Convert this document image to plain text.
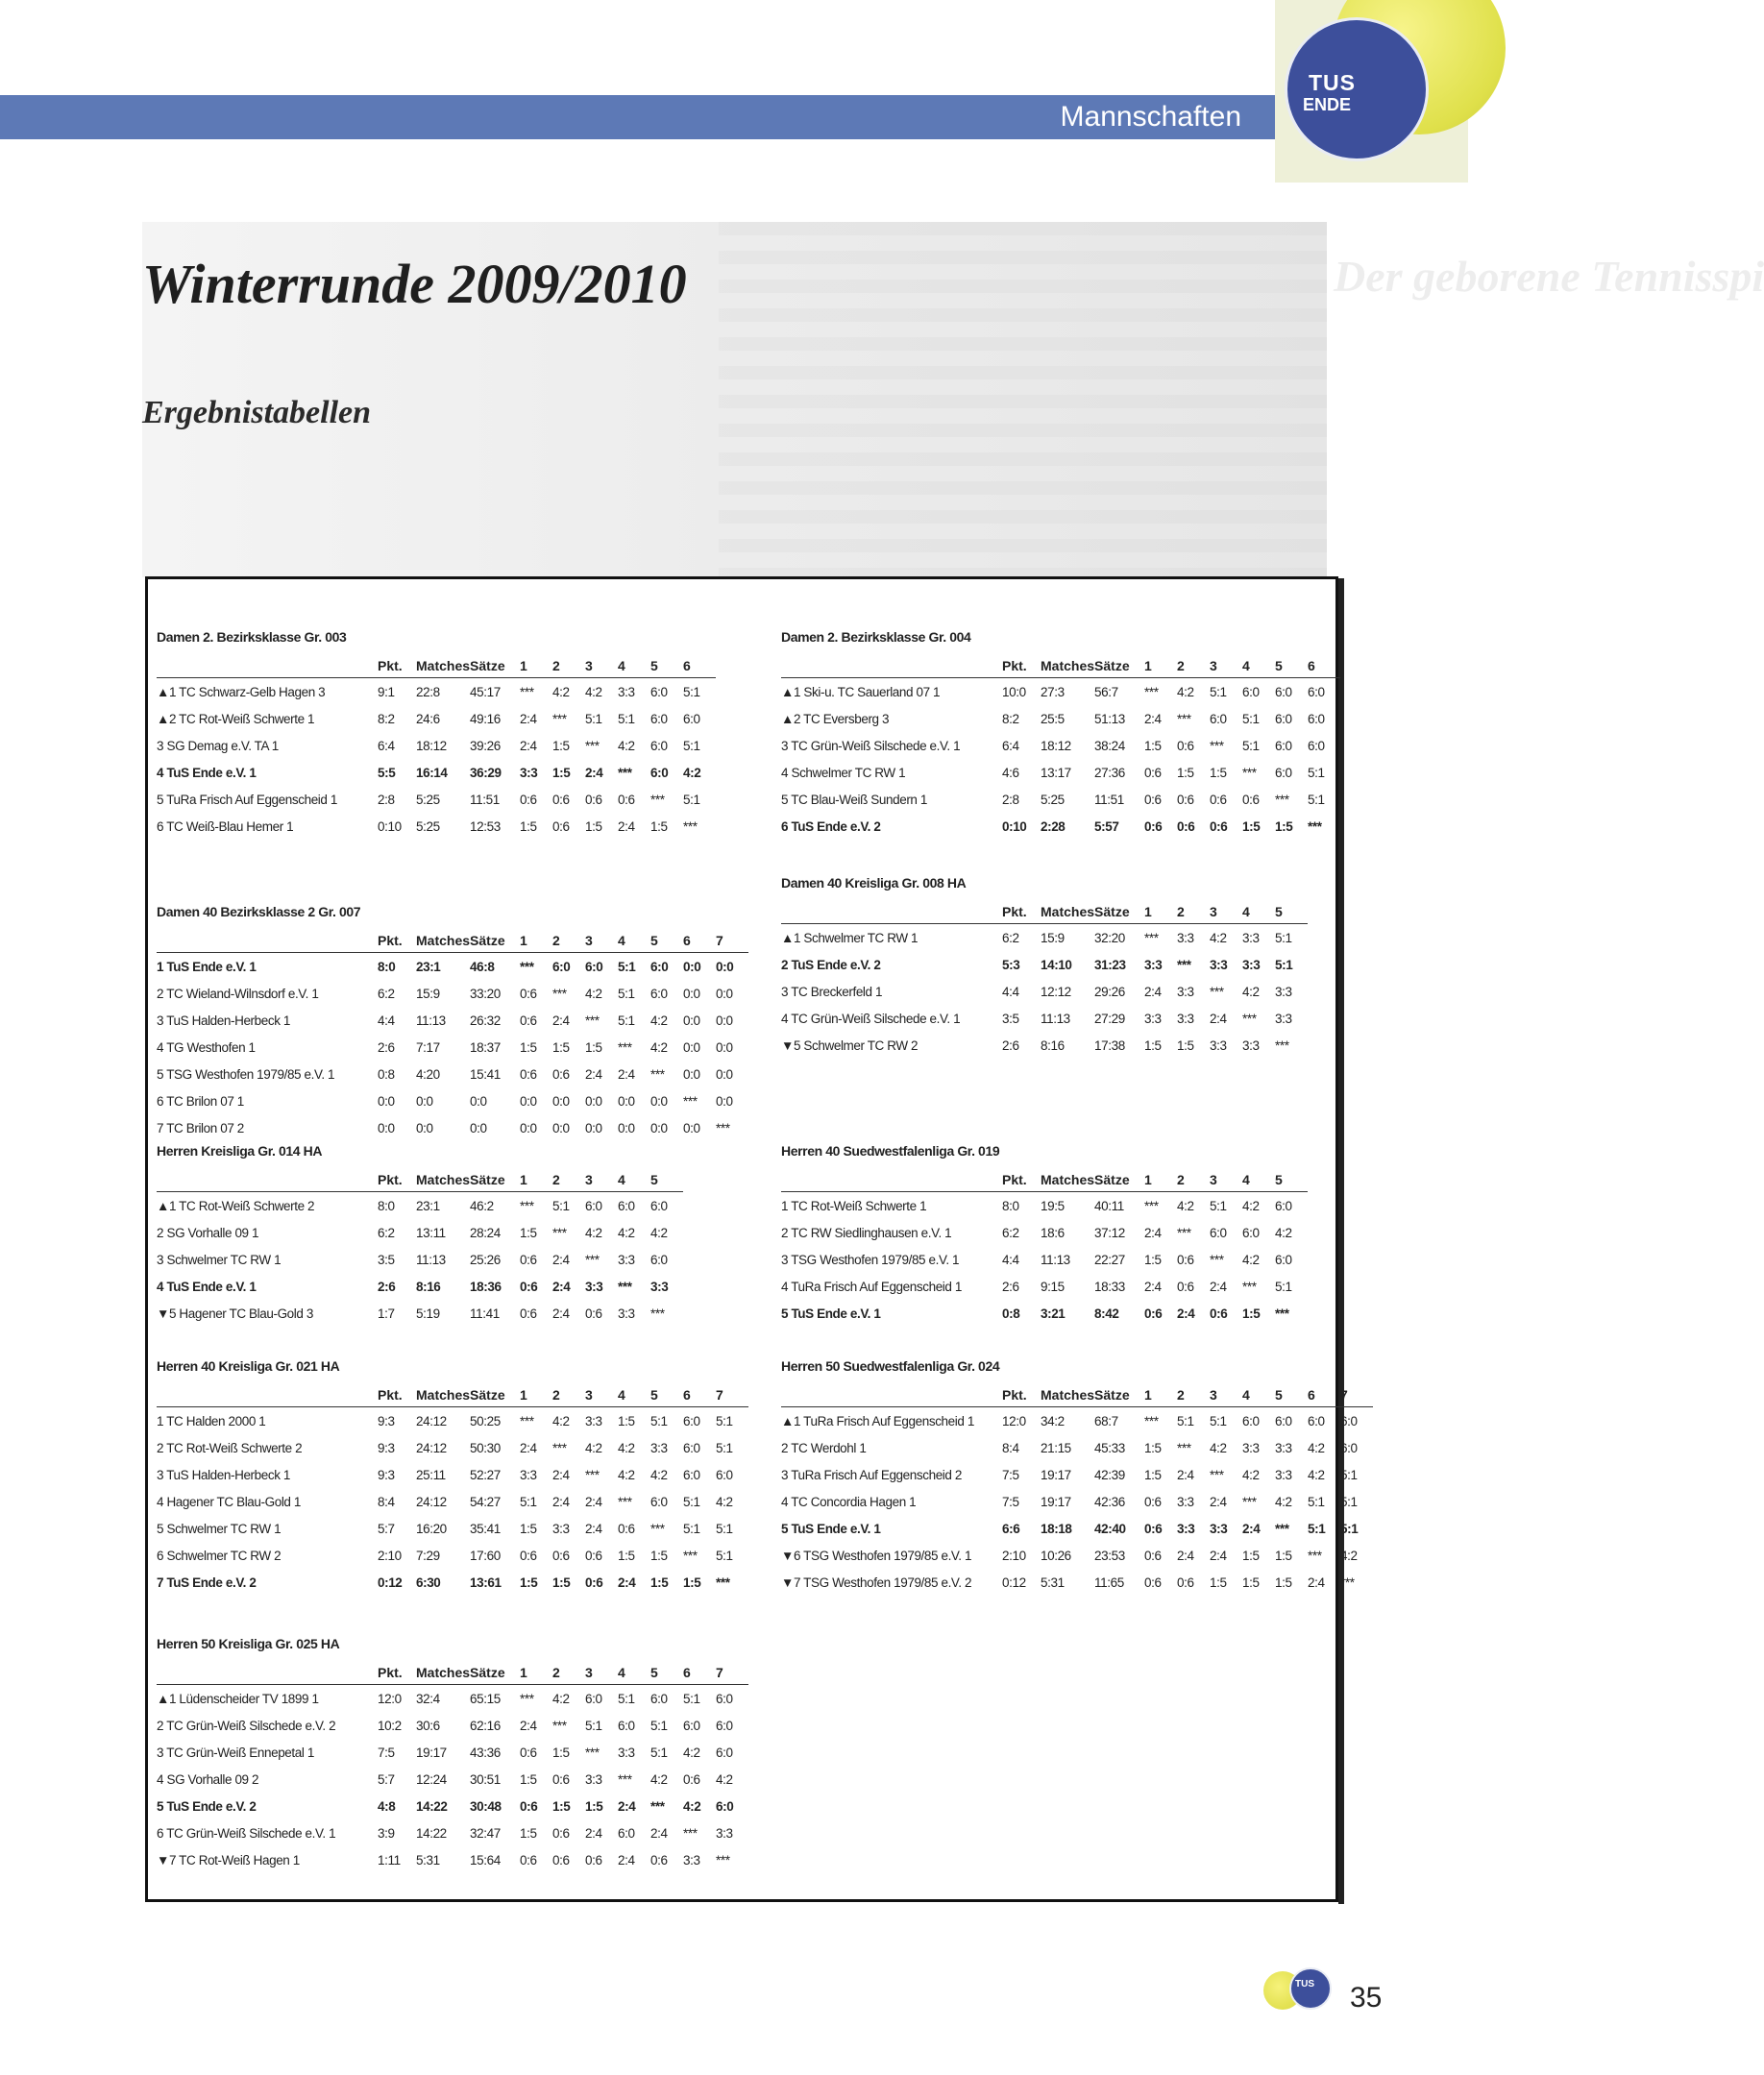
Mannschaften
TUS
ENDE
Der geborene Tennisspi
Winterrunde 2009/2010
Ergebnistabellen
Damen 2. Bezirksklasse Gr. 003
	Pkt.	Matches	Sätze	1	2	3	4	5	6
▲1 TC Schwarz-Gelb Hagen 3	9:1	22:8	45:17	***	4:2	4:2	3:3	6:0	5:1
▲2 TC Rot-Weiß Schwerte 1	8:2	24:6	49:16	2:4	***	5:1	5:1	6:0	6:0
3 SG Demag e.V. TA 1	6:4	18:12	39:26	2:4	1:5	***	4:2	6:0	5:1
4 TuS Ende e.V. 1	5:5	16:14	36:29	3:3	1:5	2:4	***	6:0	4:2
5 TuRa Frisch Auf Eggenscheid 1	2:8	5:25	11:51	0:6	0:6	0:6	0:6	***	5:1
6 TC Weiß-Blau Hemer 1	0:10	5:25	12:53	1:5	0:6	1:5	2:4	1:5	***
Damen 2. Bezirksklasse Gr. 004
	Pkt.	Matches	Sätze	1	2	3	4	5	6
▲1 Ski-u. TC Sauerland 07 1	10:0	27:3	56:7	***	4:2	5:1	6:0	6:0	6:0
▲2 TC Eversberg 3	8:2	25:5	51:13	2:4	***	6:0	5:1	6:0	6:0
3 TC Grün-Weiß Silschede e.V. 1	6:4	18:12	38:24	1:5	0:6	***	5:1	6:0	6:0
4 Schwelmer TC RW 1	4:6	13:17	27:36	0:6	1:5	1:5	***	6:0	5:1
5 TC Blau-Weiß Sundern 1	2:8	5:25	11:51	0:6	0:6	0:6	0:6	***	5:1
6 TuS Ende e.V. 2	0:10	2:28	5:57	0:6	0:6	0:6	1:5	1:5	***
Damen 40 Bezirksklasse 2 Gr. 007
	Pkt.	Matches	Sätze	1	2	3	4	5	6	7
1 TuS Ende e.V. 1	8:0	23:1	46:8	***	6:0	6:0	5:1	6:0	0:0	0:0
2 TC Wieland-Wilnsdorf e.V. 1	6:2	15:9	33:20	0:6	***	4:2	5:1	6:0	0:0	0:0
3 TuS Halden-Herbeck 1	4:4	11:13	26:32	0:6	2:4	***	5:1	4:2	0:0	0:0
4 TG Westhofen 1	2:6	7:17	18:37	1:5	1:5	1:5	***	4:2	0:0	0:0
5 TSG Westhofen 1979/85 e.V. 1	0:8	4:20	15:41	0:6	0:6	2:4	2:4	***	0:0	0:0
6 TC Brilon 07 1	0:0	0:0	0:0	0:0	0:0	0:0	0:0	0:0	***	0:0
7 TC Brilon 07 2	0:0	0:0	0:0	0:0	0:0	0:0	0:0	0:0	0:0	***
Damen 40 Kreisliga Gr. 008 HA
	Pkt.	Matches	Sätze	1	2	3	4	5
▲1 Schwelmer TC RW 1	6:2	15:9	32:20	***	3:3	4:2	3:3	5:1
2 TuS Ende e.V. 2	5:3	14:10	31:23	3:3	***	3:3	3:3	5:1
3 TC Breckerfeld 1	4:4	12:12	29:26	2:4	3:3	***	4:2	3:3
4 TC Grün-Weiß Silschede e.V. 1	3:5	11:13	27:29	3:3	3:3	2:4	***	3:3
▼5 Schwelmer TC RW 2	2:6	8:16	17:38	1:5	1:5	3:3	3:3	***
Herren Kreisliga Gr. 014 HA
	Pkt.	Matches	Sätze	1	2	3	4	5
▲1 TC Rot-Weiß Schwerte 2	8:0	23:1	46:2	***	5:1	6:0	6:0	6:0
2 SG Vorhalle 09 1	6:2	13:11	28:24	1:5	***	4:2	4:2	4:2
3 Schwelmer TC RW 1	3:5	11:13	25:26	0:6	2:4	***	3:3	6:0
4 TuS Ende e.V. 1	2:6	8:16	18:36	0:6	2:4	3:3	***	3:3
▼5 Hagener TC Blau-Gold 3	1:7	5:19	11:41	0:6	2:4	0:6	3:3	***
Herren 40 Suedwestfalenliga Gr. 019
	Pkt.	Matches	Sätze	1	2	3	4	5
1 TC Rot-Weiß Schwerte 1	8:0	19:5	40:11	***	4:2	5:1	4:2	6:0
2 TC RW Siedlinghausen e.V. 1	6:2	18:6	37:12	2:4	***	6:0	6:0	4:2
3 TSG Westhofen 1979/85 e.V. 1	4:4	11:13	22:27	1:5	0:6	***	4:2	6:0
4 TuRa Frisch Auf Eggenscheid 1	2:6	9:15	18:33	2:4	0:6	2:4	***	5:1
5 TuS Ende e.V. 1	0:8	3:21	8:42	0:6	2:4	0:6	1:5	***
Herren 40 Kreisliga Gr. 021 HA
	Pkt.	Matches	Sätze	1	2	3	4	5	6	7
1 TC Halden 2000 1	9:3	24:12	50:25	***	4:2	3:3	1:5	5:1	6:0	5:1
2 TC Rot-Weiß Schwerte 2	9:3	24:12	50:30	2:4	***	4:2	4:2	3:3	6:0	5:1
3 TuS Halden-Herbeck 1	9:3	25:11	52:27	3:3	2:4	***	4:2	4:2	6:0	6:0
4 Hagener TC Blau-Gold 1	8:4	24:12	54:27	5:1	2:4	2:4	***	6:0	5:1	4:2
5 Schwelmer TC RW 1	5:7	16:20	35:41	1:5	3:3	2:4	0:6	***	5:1	5:1
6 Schwelmer TC RW 2	2:10	7:29	17:60	0:6	0:6	0:6	1:5	1:5	***	5:1
7 TuS Ende e.V. 2	0:12	6:30	13:61	1:5	1:5	0:6	2:4	1:5	1:5	***
Herren 50 Suedwestfalenliga Gr. 024
	Pkt.	Matches	Sätze	1	2	3	4	5	6	7
▲1 TuRa Frisch Auf Eggenscheid 1	12:0	34:2	68:7	***	5:1	5:1	6:0	6:0	6:0	6:0
2 TC Werdohl 1	8:4	21:15	45:33	1:5	***	4:2	3:3	3:3	4:2	6:0
3 TuRa Frisch Auf Eggenscheid 2	7:5	19:17	42:39	1:5	2:4	***	4:2	3:3	4:2	5:1
4 TC Concordia Hagen 1	7:5	19:17	42:36	0:6	3:3	2:4	***	4:2	5:1	5:1
5 TuS Ende e.V. 1	6:6	18:18	42:40	0:6	3:3	3:3	2:4	***	5:1	5:1
▼6 TSG Westhofen 1979/85 e.V. 1	2:10	10:26	23:53	0:6	2:4	2:4	1:5	1:5	***	4:2
▼7 TSG Westhofen 1979/85 e.V. 2	0:12	5:31	11:65	0:6	0:6	1:5	1:5	1:5	2:4	***
Herren 50 Kreisliga Gr. 025 HA
	Pkt.	Matches	Sätze	1	2	3	4	5	6	7
▲1 Lüdenscheider TV 1899 1	12:0	32:4	65:15	***	4:2	6:0	5:1	6:0	5:1	6:0
2 TC Grün-Weiß Silschede e.V. 2	10:2	30:6	62:16	2:4	***	5:1	6:0	5:1	6:0	6:0
3 TC Grün-Weiß Ennepetal 1	7:5	19:17	43:36	0:6	1:5	***	3:3	5:1	4:2	6:0
4 SG Vorhalle 09 2	5:7	12:24	30:51	1:5	0:6	3:3	***	4:2	0:6	4:2
5 TuS Ende e.V. 2	4:8	14:22	30:48	0:6	1:5	1:5	2:4	***	4:2	6:0
6 TC Grün-Weiß Silschede e.V. 1	3:9	14:22	32:47	1:5	0:6	2:4	6:0	2:4	***	3:3
▼7 TC Rot-Weiß Hagen 1	1:11	5:31	15:64	0:6	0:6	0:6	2:4	0:6	3:3	***
TUS 35
